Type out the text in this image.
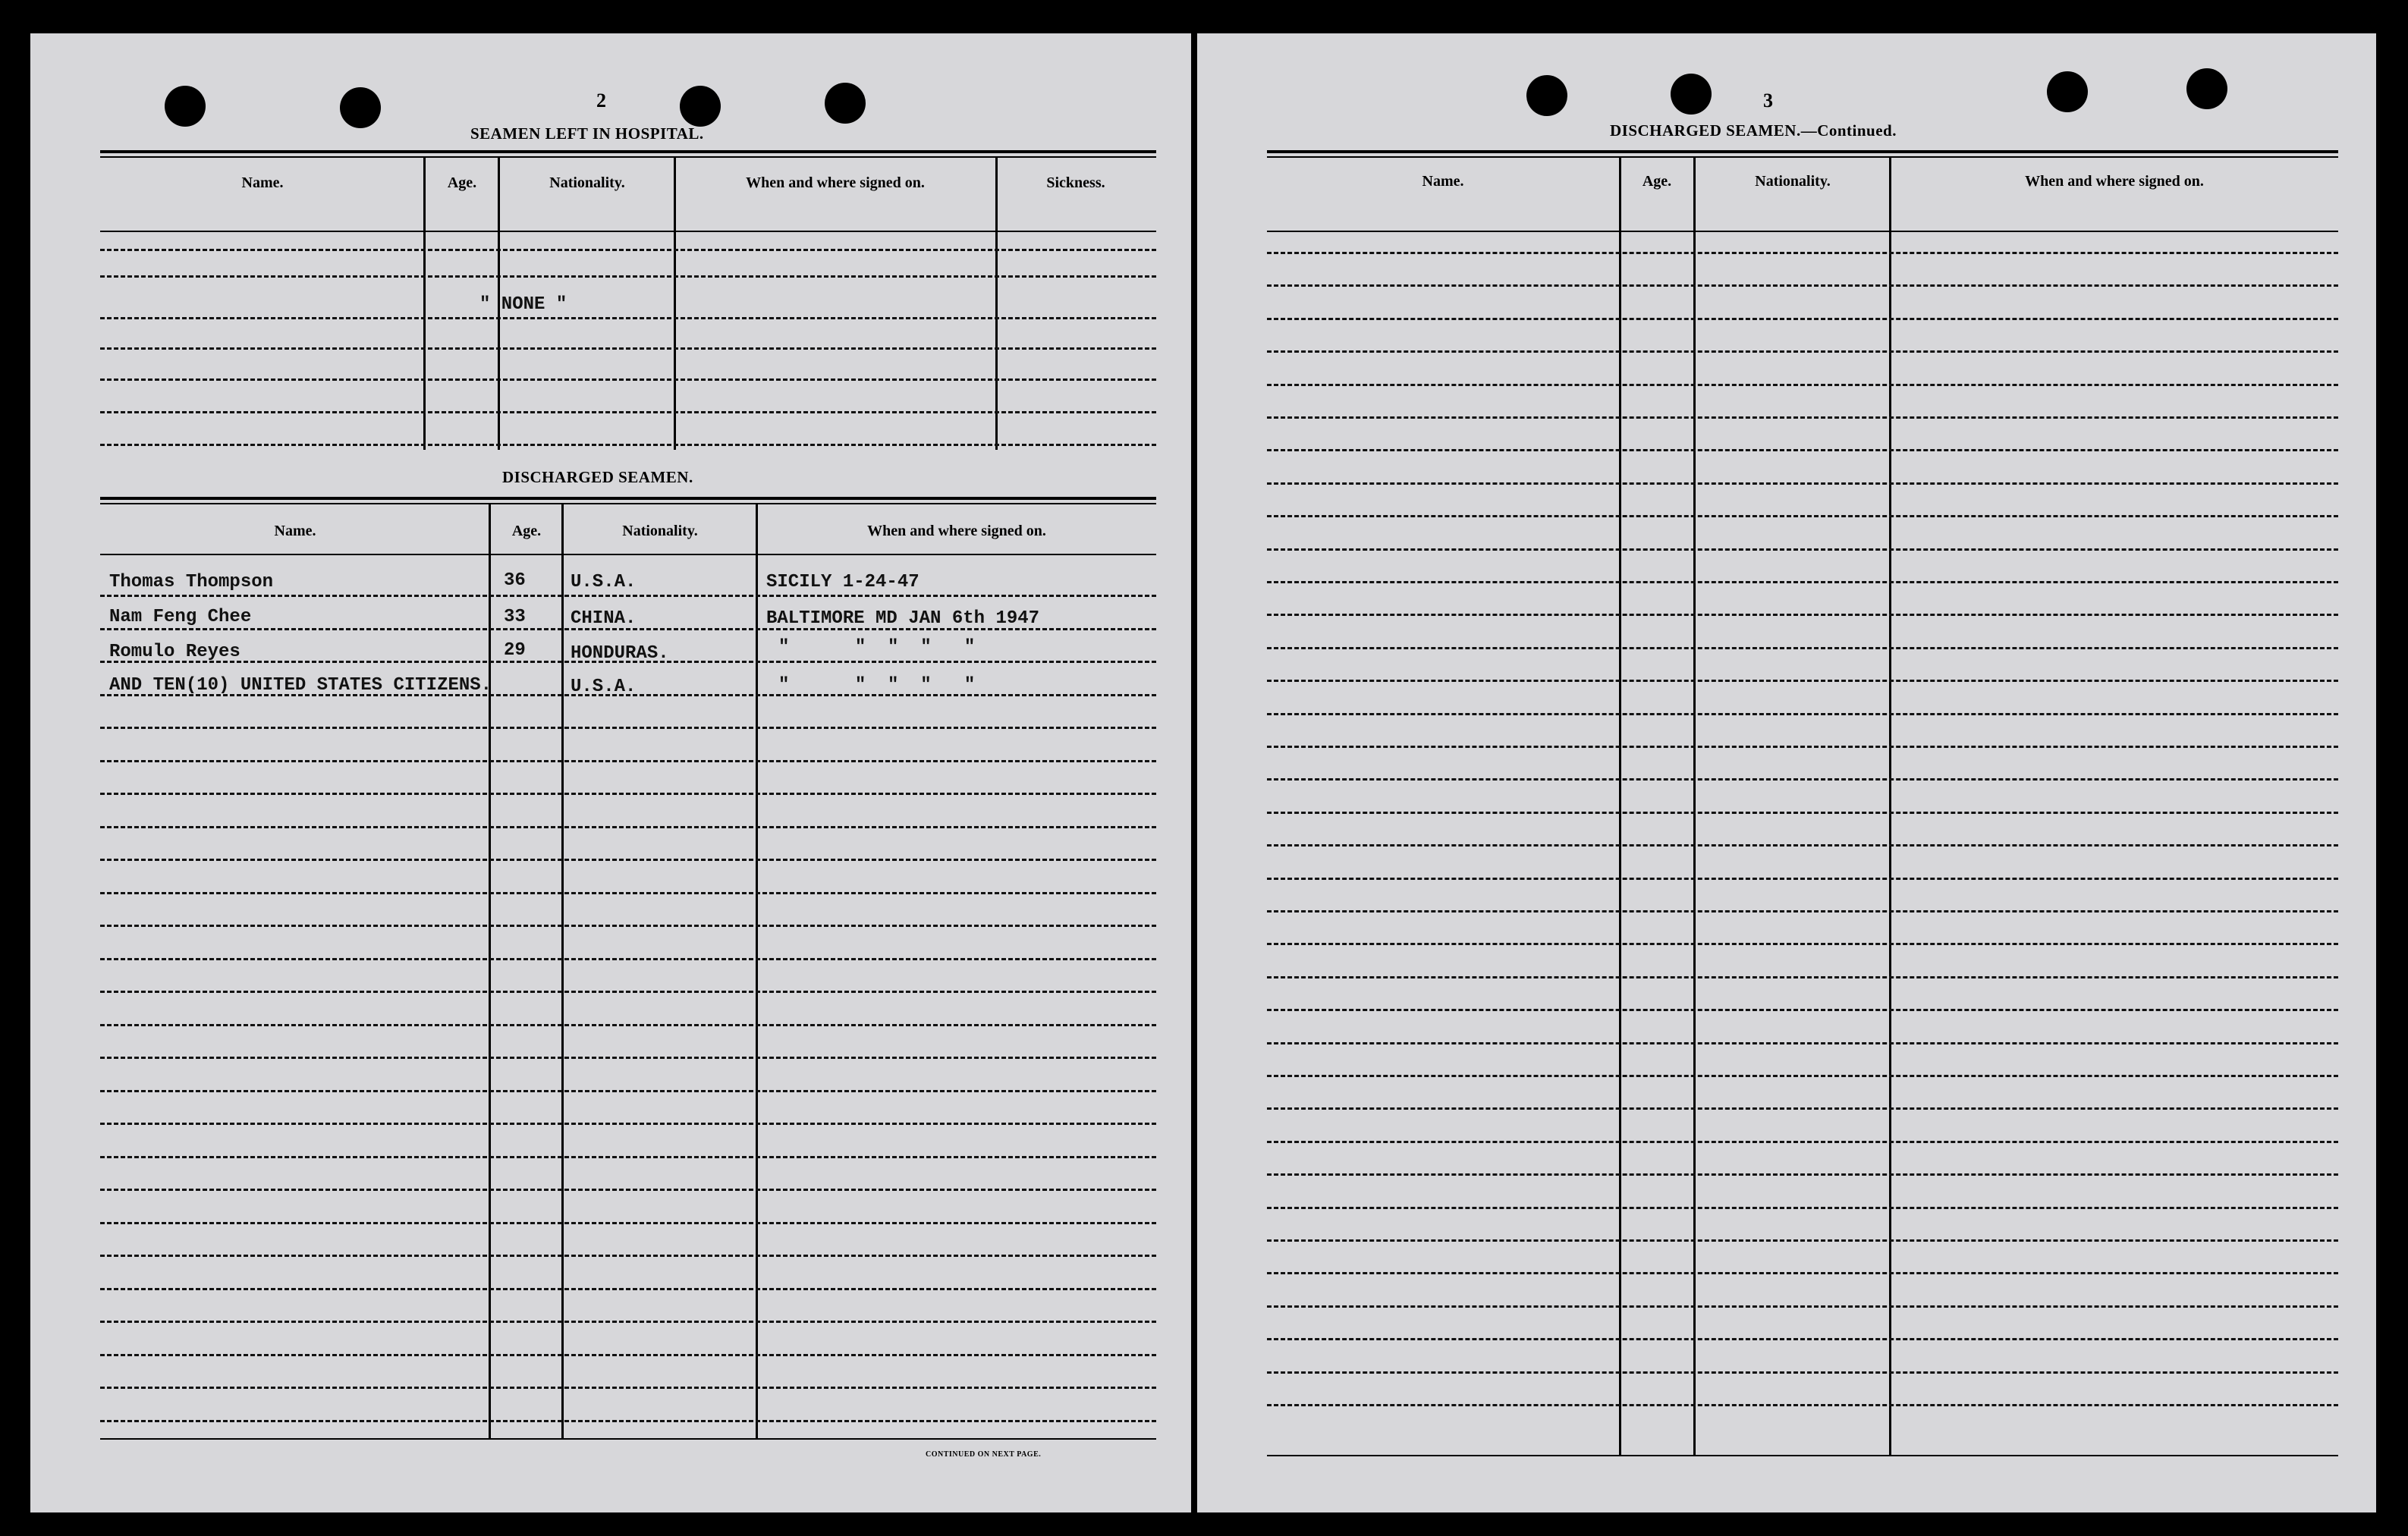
2
SEAMEN LEFT IN HOSPITAL.
Name.	Age.	Nationality.	When and where signed on.	Sickness.
" NONE "
DISCHARGED SEAMEN.
Name.	Age.	Nationality.	When and where signed on.
Thomas Thompson	36 U.S.A.	SICILY 1-24-47
Nam Feng Chee	33 CHINA.	BALTIMORE MD JAN 6th 1947
Romulo Reyes	29 HONDURAS.	"      "  "  "   "
AND TEN(10) UNITED STATES CITIZENS.	U.S.A.	"      "  "  "   "
CONTINUED ON NEXT PAGE.
3
DISCHARGED SEAMEN.—Continued.
Name.	Age.	Nationality.	When and where signed on.
